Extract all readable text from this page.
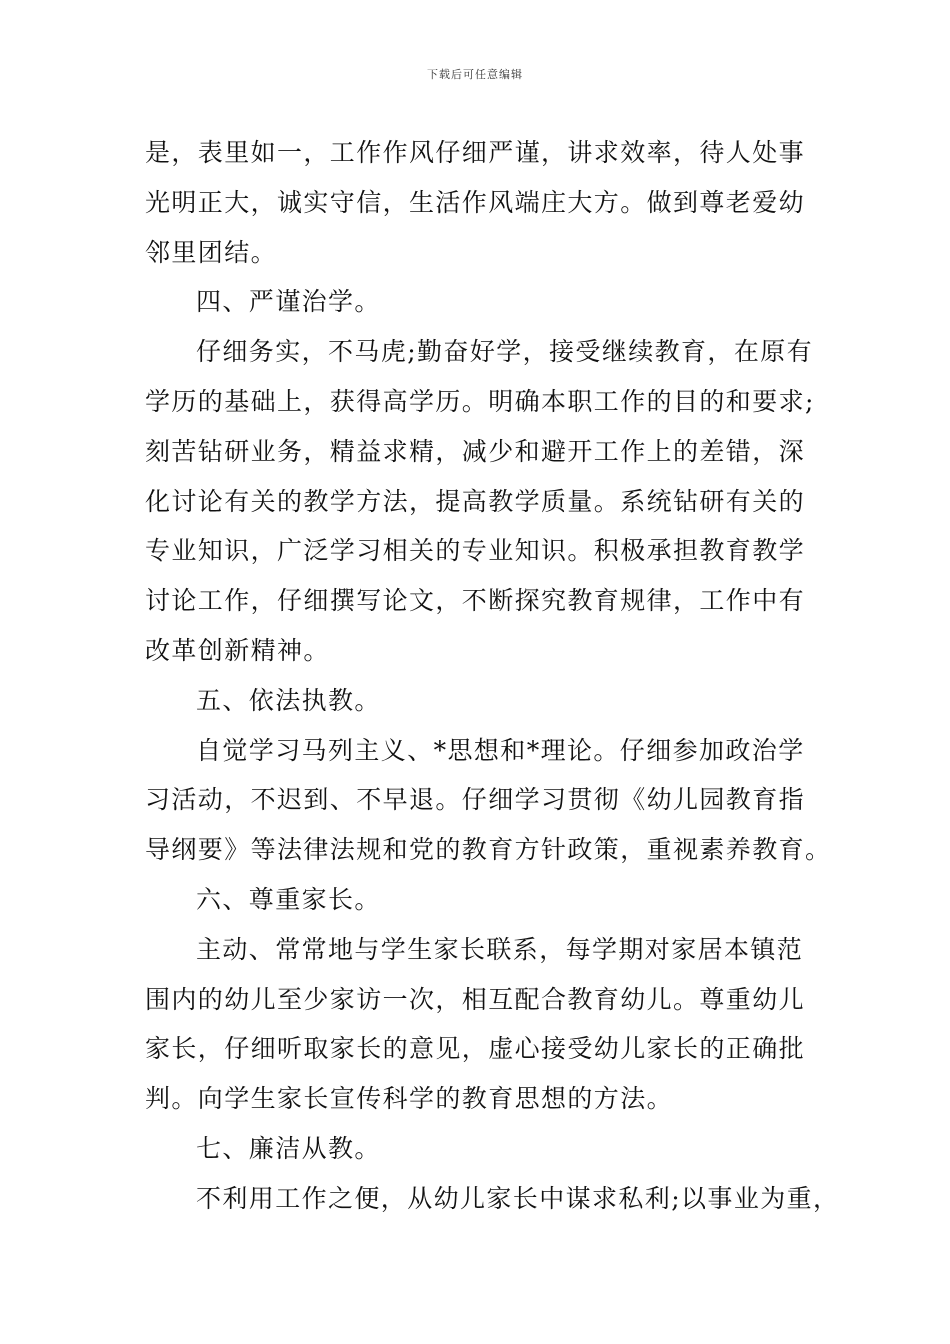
下载后可任意编辑
是，表里如一，工作作风仔细严谨，讲求效率，待人处事
光明正大，诚实守信，生活作风端庄大方。做到尊老爱幼
邻里团结。
四、严谨治学。
仔细务实，不马虎;勤奋好学，接受继续教育，在原有
学历的基础上，获得高学历。明确本职工作的目的和要求;
刻苦钻研业务，精益求精，减少和避开工作上的差错，深
化讨论有关的教学方法，提高教学质量。系统钻研有关的
专业知识，广泛学习相关的专业知识。积极承担教育教学
讨论工作，仔细撰写论文，不断探究教育规律，工作中有
改革创新精神。
五、依法执教。
自觉学习马列主义、*思想和*理论。仔细参加政治学
习活动，不迟到、不早退。仔细学习贯彻《幼儿园教育指
导纲要》等法律法规和党的教育方针政策，重视素养教育。
六、尊重家长。
主动、常常地与学生家长联系，每学期对家居本镇范
围内的幼儿至少家访一次，相互配合教育幼儿。尊重幼儿
家长，仔细听取家长的意见，虚心接受幼儿家长的正确批
判。向学生家长宣传科学的教育思想的方法。
七、廉洁从教。
不利用工作之便，从幼儿家长中谋求私利;以事业为重，
